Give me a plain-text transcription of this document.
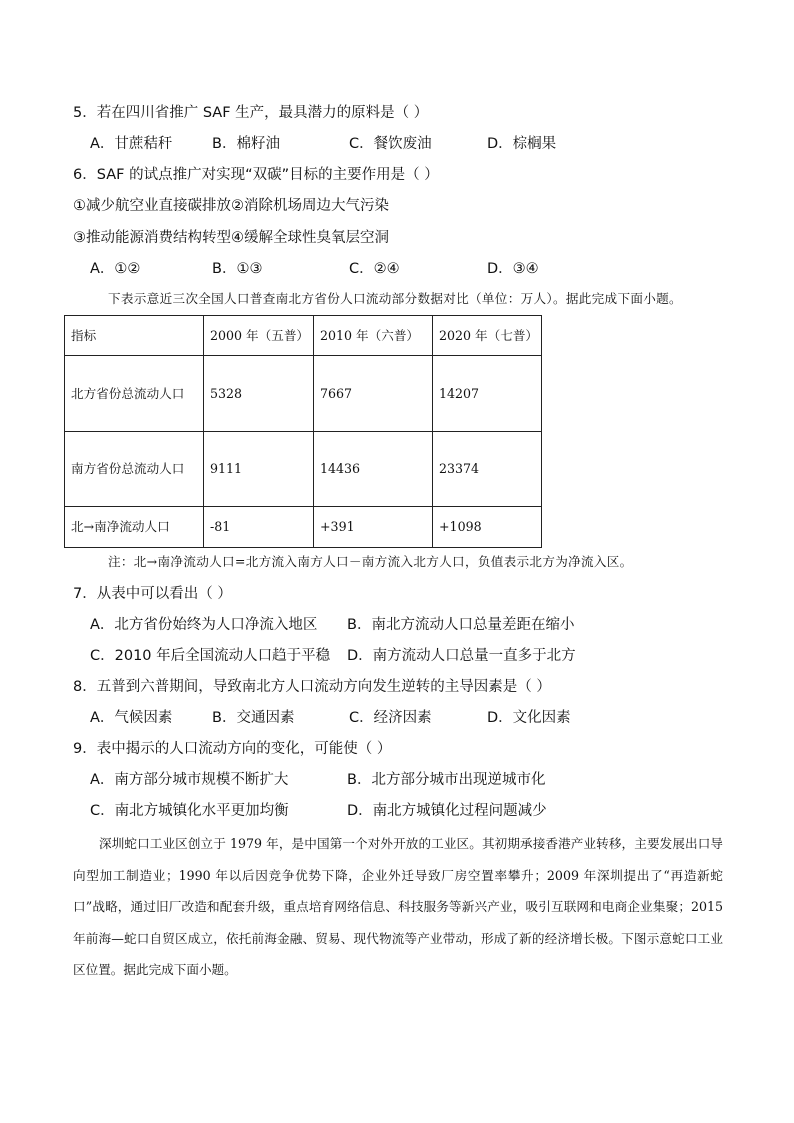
5．若在四川省推广 SAF 生产，最具潜力的原料是（ ）
A．甘蔗秸秆	B．棉籽油	C．餐饮废油	D．棕榈果
6．SAF 的试点推广对实现“双碳”目标的主要作用是（ ）
①减少航空业直接碳排放②消除机场周边大气污染
③推动能源消费结构转型④缓解全球性臭氧层空洞
A．①②	B．①③	C．②④	D．③④
下表示意近三次全国人口普查南北方省份人口流动部分数据对比（单位：万人）。据此完成下面小题。
指标	2000 年（五普）	2010 年（六普）	2020 年（七普）
北方省份总流动人口	5328	7667	14207
南方省份总流动人口	9111	14436	23374
北→南净流动人口	-81	+391	+1098
注：北→南净流动人口=北方流入南方人口－南方流入北方人口，负值表示北方为净流入区。
7．从表中可以看出（ ）
A．北方省份始终为人口净流入地区 B．南北方流动人口总量差距在缩小
C．2010 年后全国流动人口趋于平稳 D．南方流动人口总量一直多于北方
8．五普到六普期间，导致南北方人口流动方向发生逆转的主导因素是（ ）
A．气候因素	B．交通因素	C．经济因素	D．文化因素
9．表中揭示的人口流动方向的变化，可能使（ ）
A．南方部分城市规模不断扩大	B．北方部分城市出现逆城市化
C．南北方城镇化水平更加均衡	D．南北方城镇化过程问题减少
深圳蛇口工业区创立于 1979 年，是中国第一个对外开放的工业区。其初期承接香港产业转移，主要发展出口导向型加工制造业；1990 年以后因竞争优势下降，企业外迁导致厂房空置率攀升；2009 年深圳提出了“再造新蛇口”战略，通过旧厂改造和配套升级，重点培育网络信息、科技服务等新兴产业，吸引互联网和电商企业集聚；2015 年前海—蛇口自贸区成立，依托前海金融、贸易、现代物流等产业带动，形成了新的经济增长极。下图示意蛇口工业区位置。据此完成下面小题。
